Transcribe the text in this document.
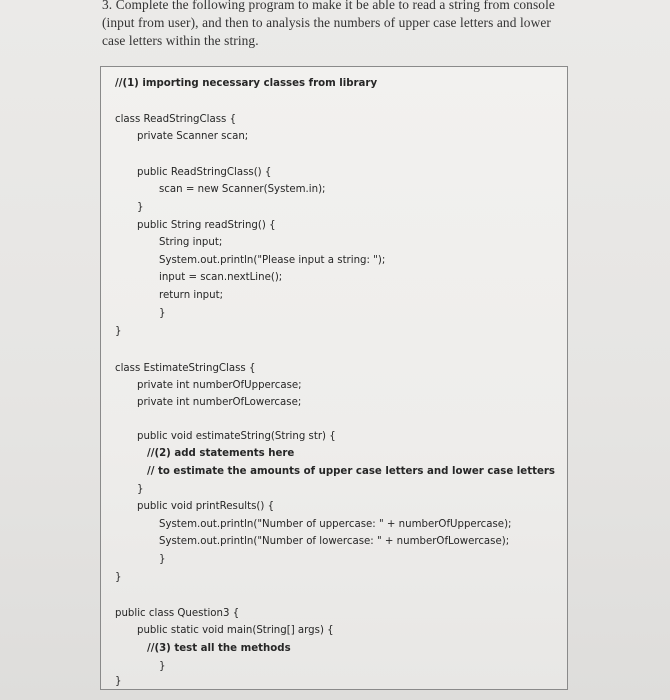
3. Complete the following program to make it be able to read a string from console (input from user), and then to analysis the numbers of upper case letters and lower case letters within the string.
//(1) importing necessary classes from library
class ReadStringClass {
private Scanner scan;
public ReadStringClass() {
scan = new Scanner(System.in);
}
public String readString() {
String input;
System.out.println("Please input a string: ");
input = scan.nextLine();
return input;
}
}
class EstimateStringClass {
private int numberOfUppercase;
private int numberOfLowercase;
public void estimateString(String str) {
//(2) add statements here
// to estimate the amounts of upper case letters and lower case letters
}
public void printResults() {
System.out.println("Number of uppercase: " + numberOfUppercase);
System.out.println("Number of lowercase: " + numberOfLowercase);
}
}
public class Question3 {
public static void main(String[] args) {
//(3) test all the methods
}
}
